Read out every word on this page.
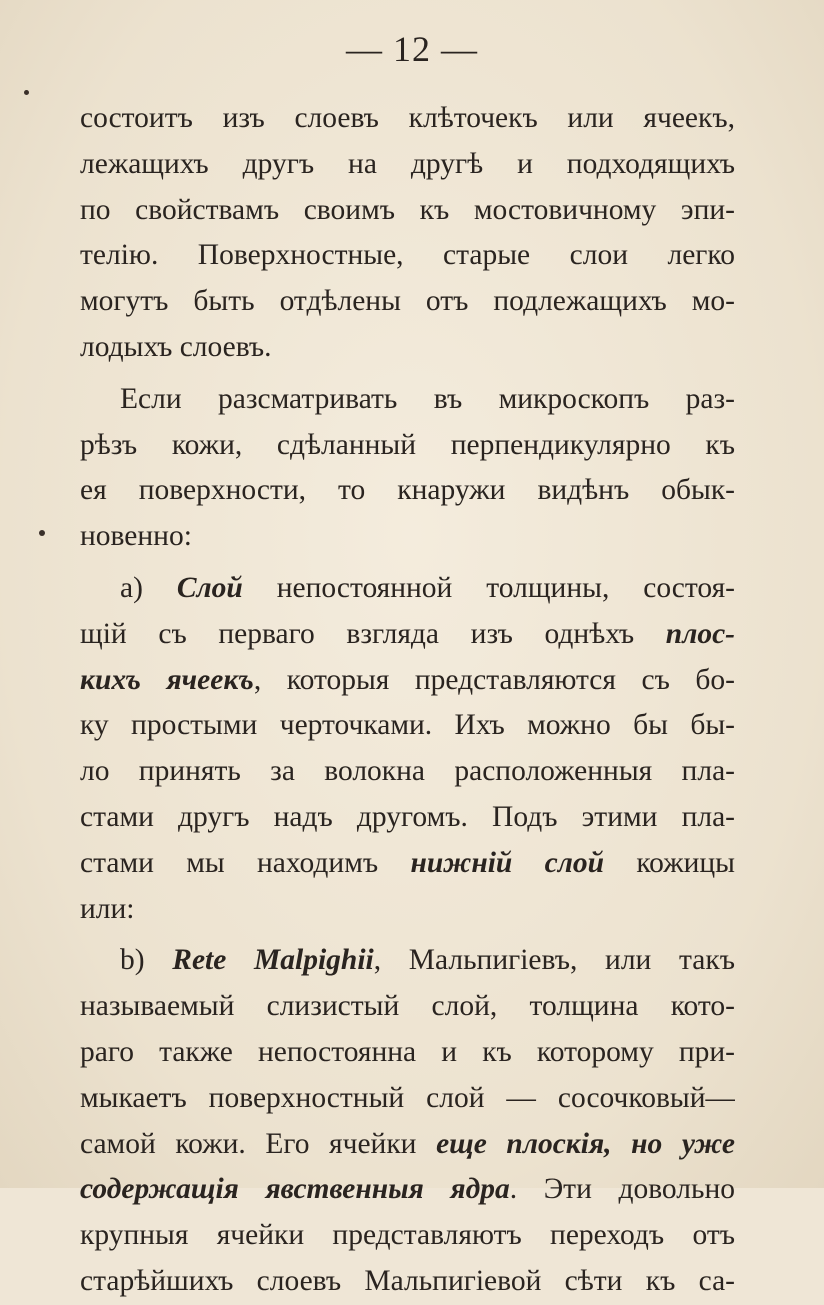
— 12 —
состоитъ изъ слоевъ клѣточекъ или ячеекъ,
лежащихъ другъ на другѣ и подходящихъ
по свойствамъ своимъ къ мостовичному эпи-
телiю. Поверхностные, старые слои легко
могутъ быть отдѣлены отъ подлежащихъ мо-
лодыхъ слоевъ.
Если разсматривать въ микроскопъ раз-
рѣзъ кожи, сдѣланный перпендикулярно къ
ея поверхности, то кнаружи видѣнъ обык-
новенно:
а) Слой непостоянной толщины, состоя-
щій съ перваго взгляда изъ однѣхъ плос-
кихъ ячеекъ, которыя представляются съ бо-
ку простыми черточками. Ихъ можно бы бы-
ло принять за волокна расположенныя пла-
стами другъ надъ другомъ. Подъ этими пла-
стами мы находимъ нижній слой кожицы
или:
b) Rete Malpighii, Мальпигіевъ, или такъ
называемый слизистый слой, толщина кото-
раго также непостоянна и къ которому при-
мыкаетъ поверхностный слой — сосочковый—
самой кожи. Его ячейки еще плоскія, но уже
содержащія явственныя ядра. Эти довольно
крупныя ячейки представляютъ переходъ отъ
старѣйшихъ слоевъ Мальпигіевой сѣти къ са-
